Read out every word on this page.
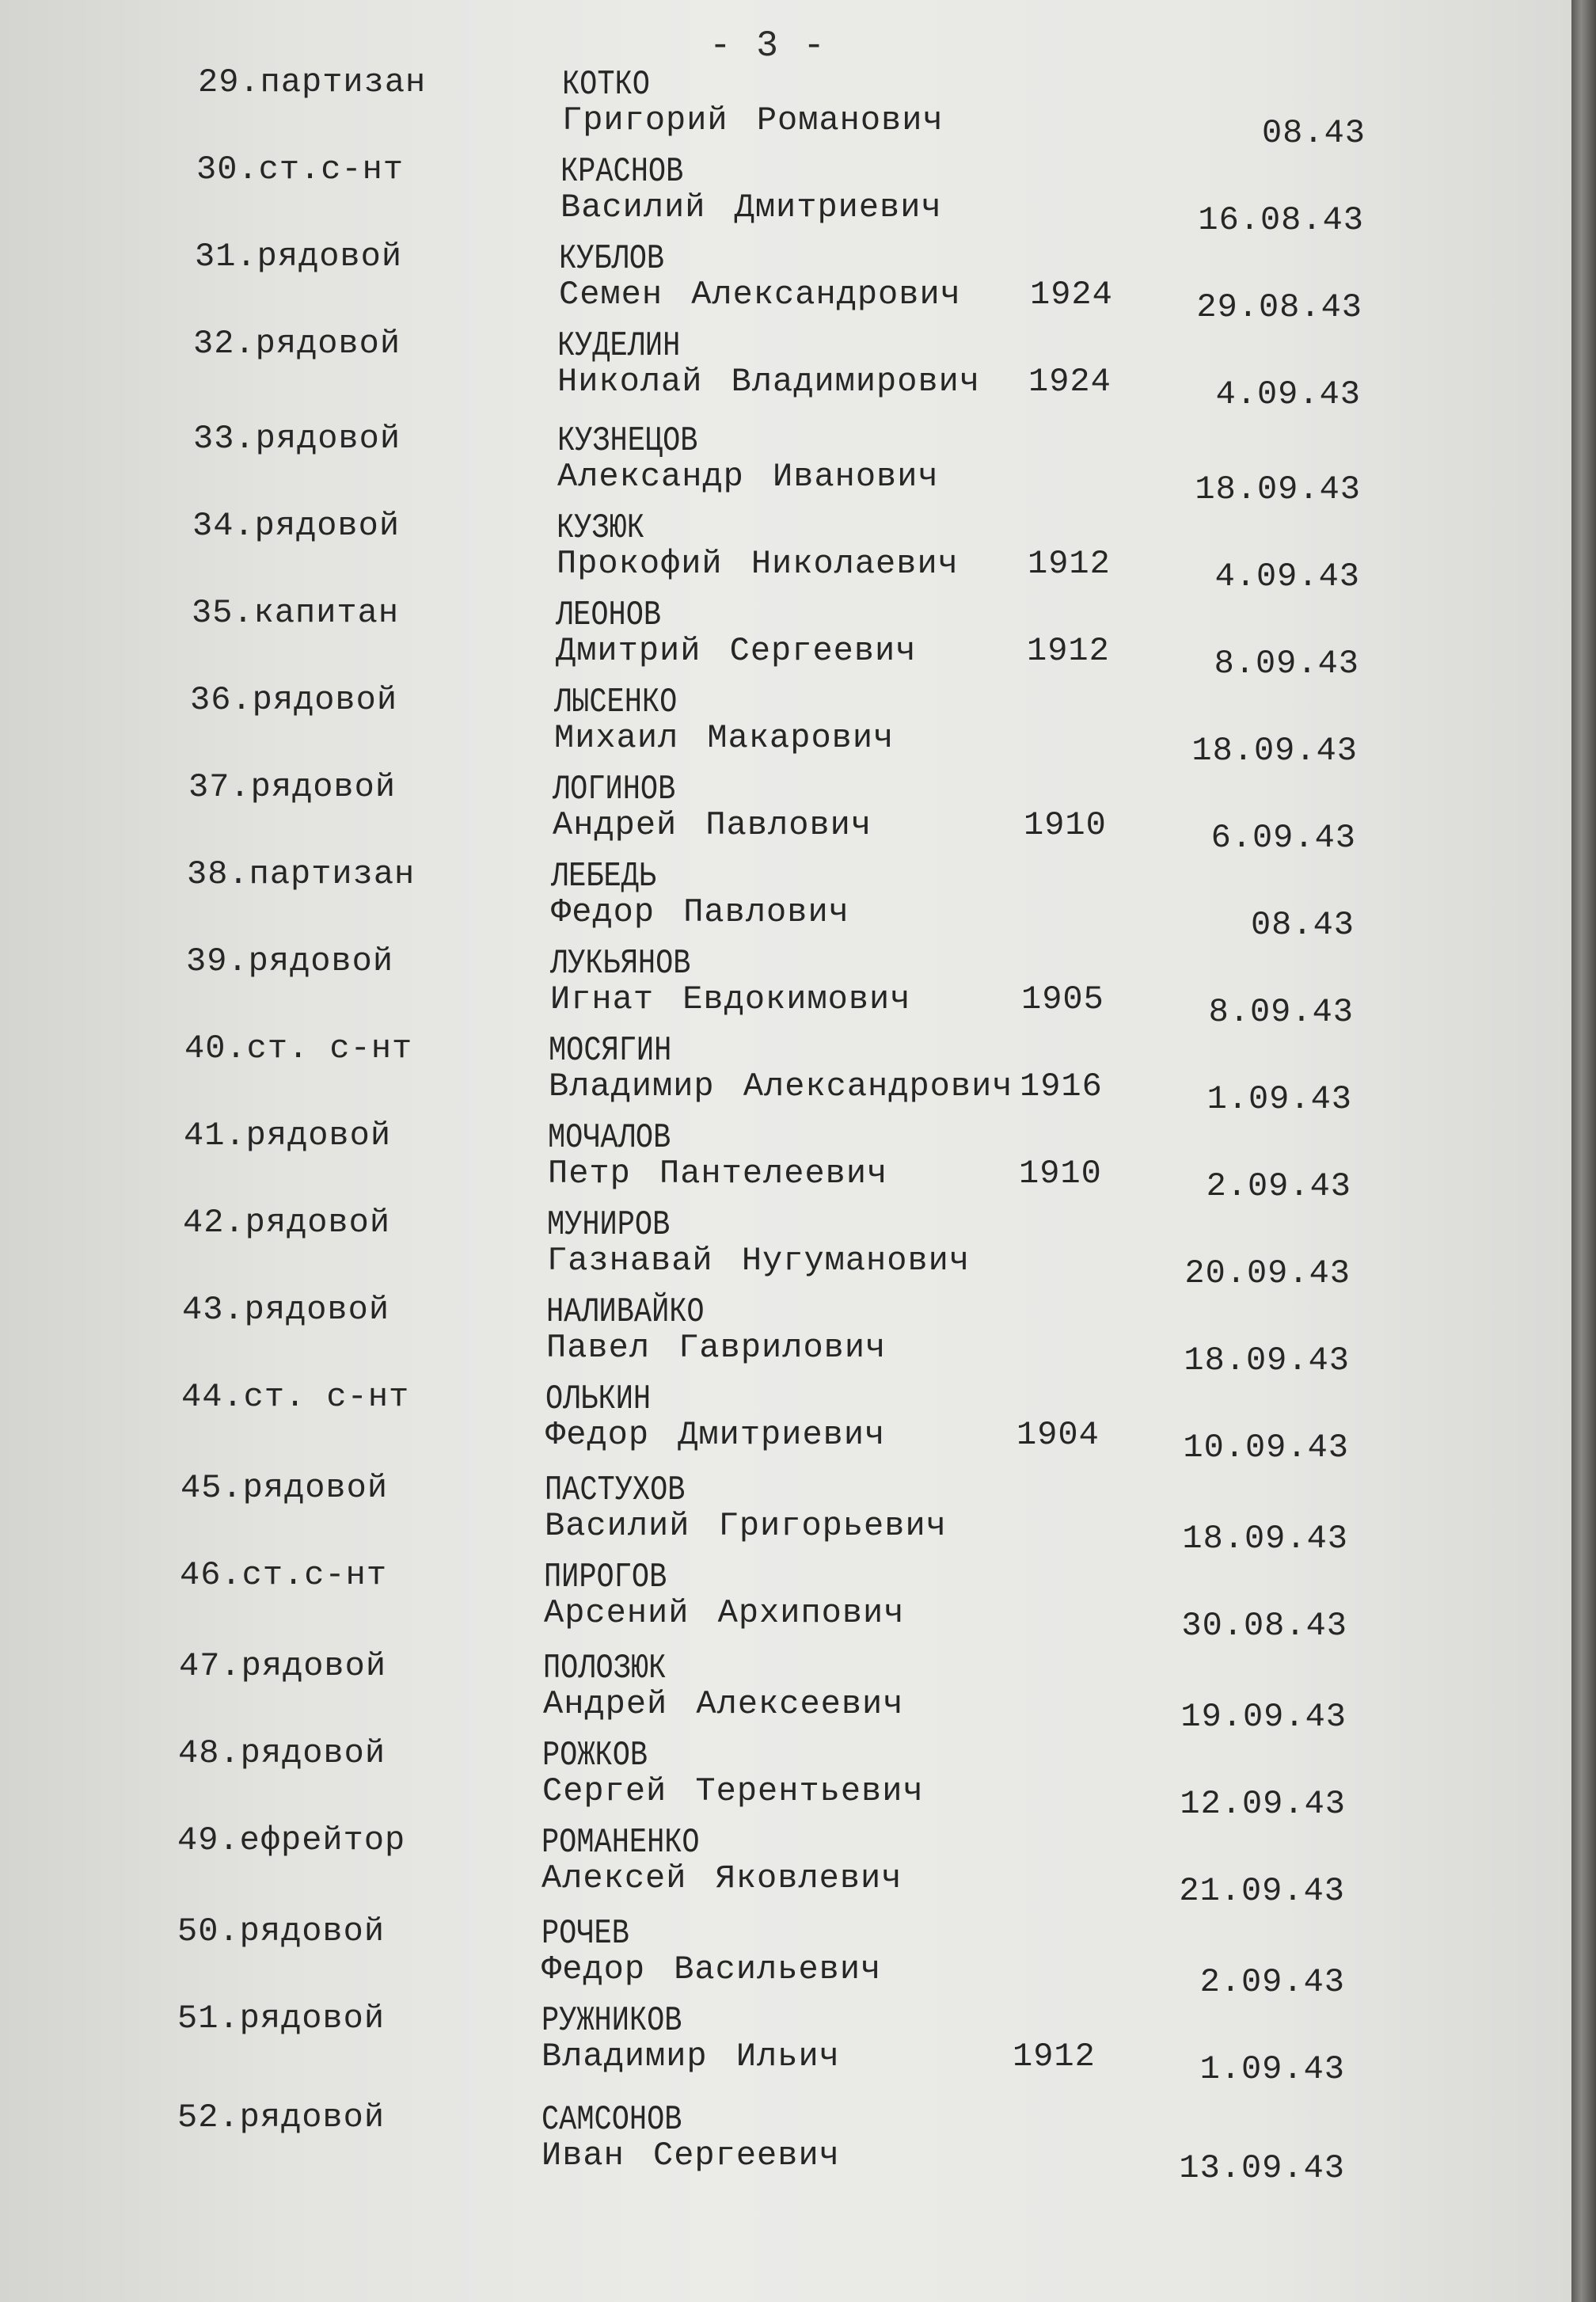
- 3 -
29.партизан	КОТКО
Григорий Романович	08.43
30.ст.с-нт	КРАСНОВ
Василий Дмитриевич	16.08.43
31.рядовой	КУБЛОВ
Семен Александрович 1924	29.08.43
32.рядовой	КУДЕЛИН
Николай Владимирович 1924	4.09.43
33.рядовой	КУЗНЕЦОВ
Александр Иванович	18.09.43
34.рядовой	КУЗЮК
Прокофий Николаевич 1912	4.09.43
35.капитан	ЛЕОНОВ
Дмитрий Сергеевич	1912	8.09.43
36.рядовой	ЛЫСЕНКО
Михаил Макарович	18.09.43
37.рядовой	ЛОГИНОВ
Андрей Павлович	1910	6.09.43
38.партизан	ЛЕБЕДЬ
Федор Павлович	08.43
39.рядовой	ЛУКЬЯНОВ
Игнат Евдокимович	1905	8.09.43
40.ст. с-нт	МОСЯГИН
Владимир Александрович 1916	1.09.43
41.рядовой	МОЧАЛОВ
Петр Пантелеевич	1910	2.09.43
42.рядовой	МУНИРОВ
Газнавай Нугуманович	20.09.43
43.рядовой	НАЛИВАЙКО
Павел Гаврилович	18.09.43
44.ст. с-нт	ОЛЬКИН
Федор Дмитриевич	1904	10.09.43
45.рядовой	ПАСТУХОВ
Василий Григорьевич	18.09.43
46.ст.с-нт	ПИРОГОВ
Арсений Архипович	30.08.43
47.рядовой	ПОЛОЗЮК
Андрей Алексеевич	19.09.43
48.рядовой	РОЖКОВ
Сергей Терентьевич	12.09.43
49.ефрейтор	РОМАНЕНКО
Алексей Яковлевич	21.09.43
50.рядовой	РОЧЕВ
Федор Васильевич	2.09.43
51.рядовой	РУЖНИКОВ
Владимир Ильич	1912	1.09.43
52.рядовой	САМСОНОВ
Иван Сергеевич	13.09.43
